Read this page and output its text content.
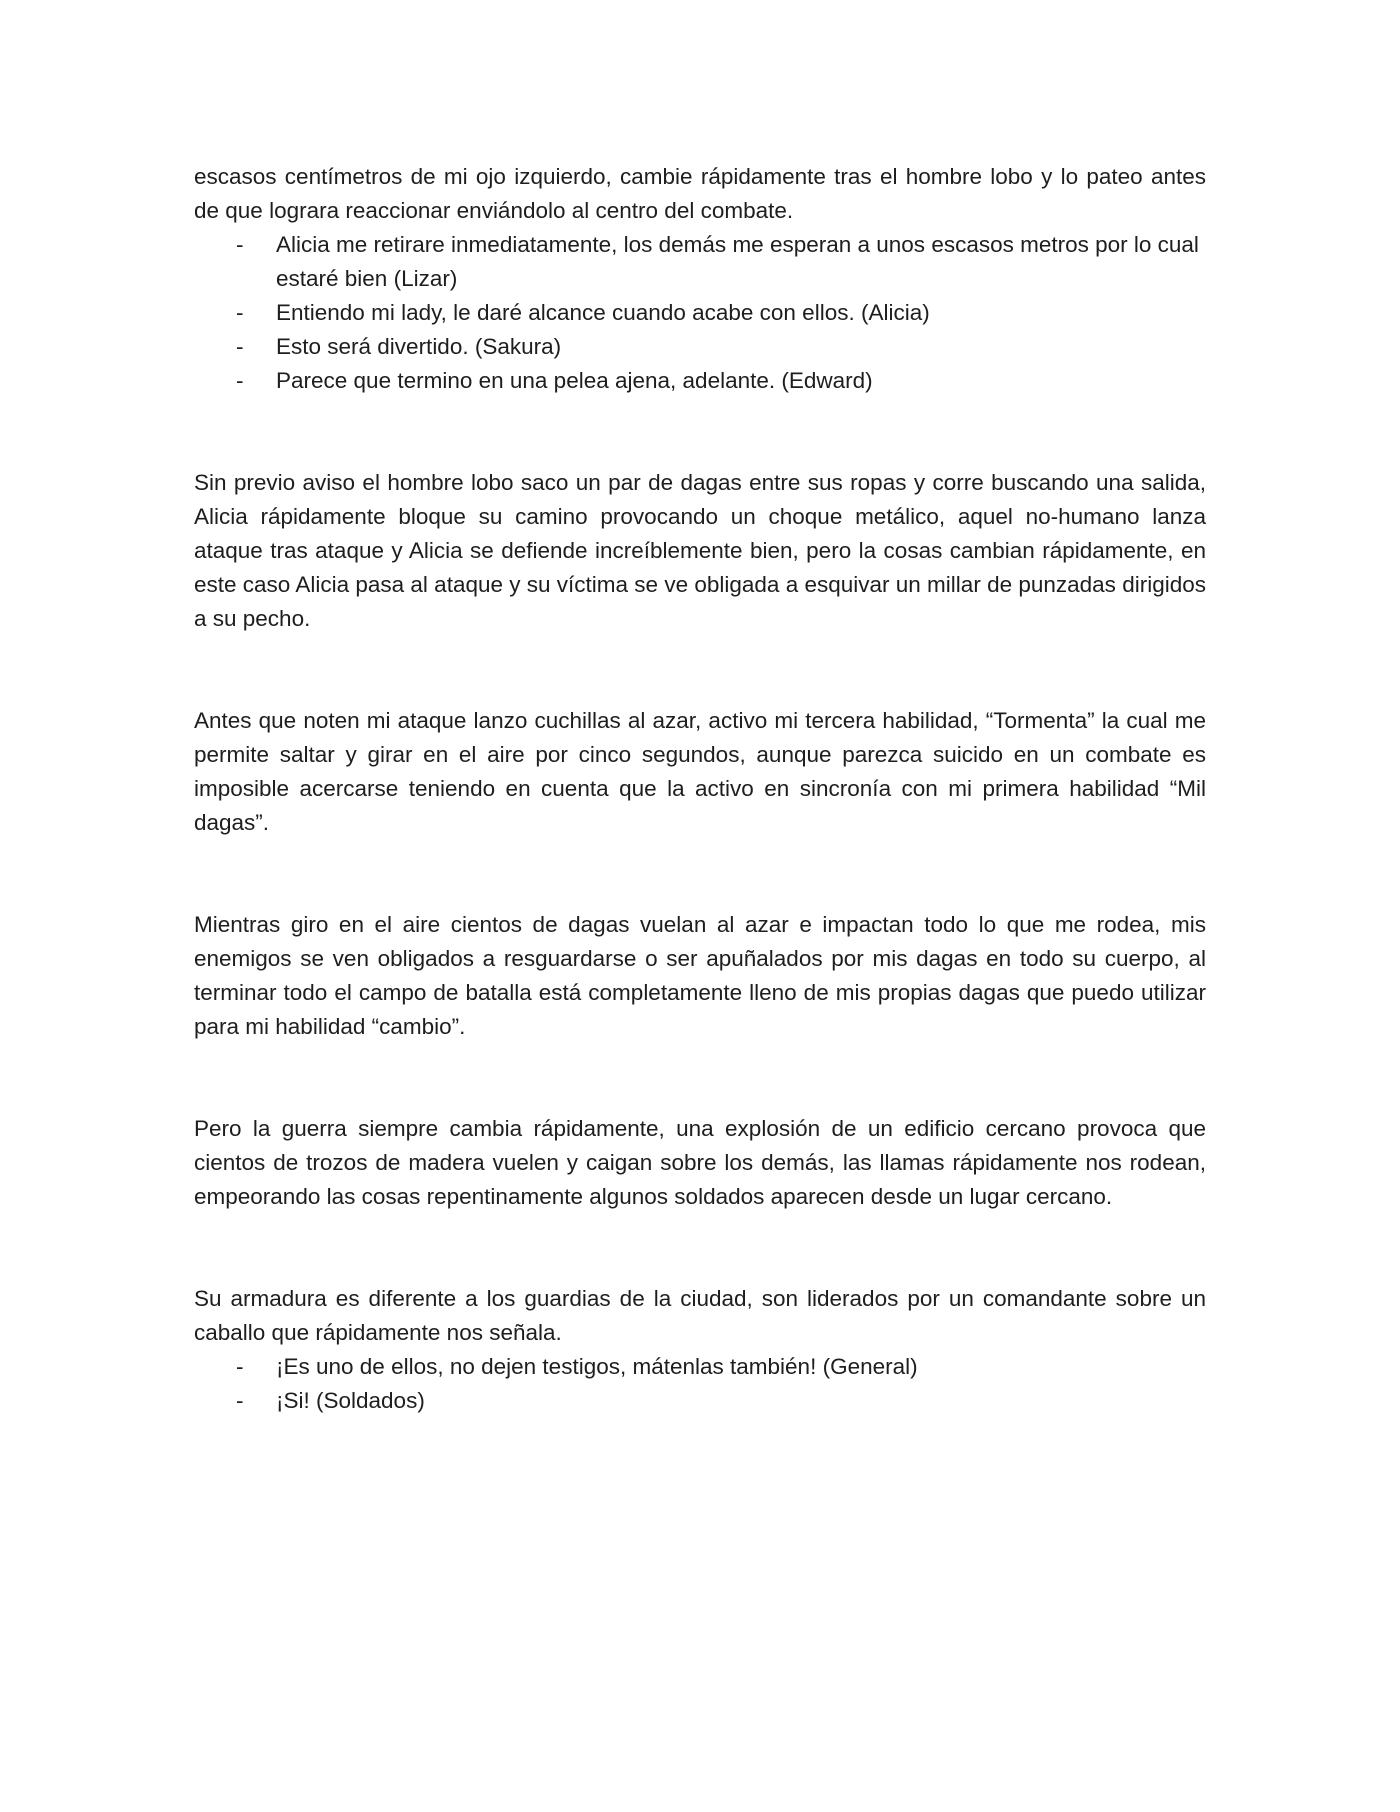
escasos centímetros de mi ojo izquierdo, cambie rápidamente tras el hombre lobo y lo pateo antes de que lograra reaccionar enviándolo al centro del combate.

- Alicia me retirare inmediatamente, los demás me esperan a unos escasos metros por lo cual estaré bien (Lizar)
- Entiendo mi lady, le daré alcance cuando acabe con ellos. (Alicia)
- Esto será divertido. (Sakura)
- Parece que termino en una pelea ajena, adelante. (Edward)

Sin previo aviso el hombre lobo saco un par de dagas entre sus ropas y corre buscando una salida, Alicia rápidamente bloque su camino provocando un choque metálico, aquel no-humano lanza ataque tras ataque y Alicia se defiende increíblemente bien, pero la cosas cambian rápidamente, en este caso Alicia pasa al ataque y su víctima se ve obligada a esquivar un millar de punzadas dirigidos a su pecho.

Antes que noten mi ataque lanzo cuchillas al azar, activo mi tercera habilidad, “Tormenta” la cual me permite saltar y girar en el aire por cinco segundos, aunque parezca suicido en un combate es imposible acercarse teniendo en cuenta que la activo en sincronía con mi primera habilidad “Mil dagas”.

Mientras giro en el aire cientos de dagas vuelan al azar e impactan todo lo que me rodea, mis enemigos se ven obligados a resguardarse o ser apuñalados por mis dagas en todo su cuerpo, al terminar todo el campo de batalla está completamente lleno de mis propias dagas que puedo utilizar para mi habilidad “cambio”.

Pero la guerra siempre cambia rápidamente, una explosión de un edificio cercano provoca que cientos de trozos de madera vuelen y caigan sobre los demás, las llamas rápidamente nos rodean, empeorando las cosas repentinamente algunos soldados aparecen desde un lugar cercano.

Su armadura es diferente a los guardias de la ciudad, son liderados por un comandante sobre un caballo que rápidamente nos señala.

- ¡Es uno de ellos, no dejen testigos, mátenlas también! (General)
- ¡Si! (Soldados)
